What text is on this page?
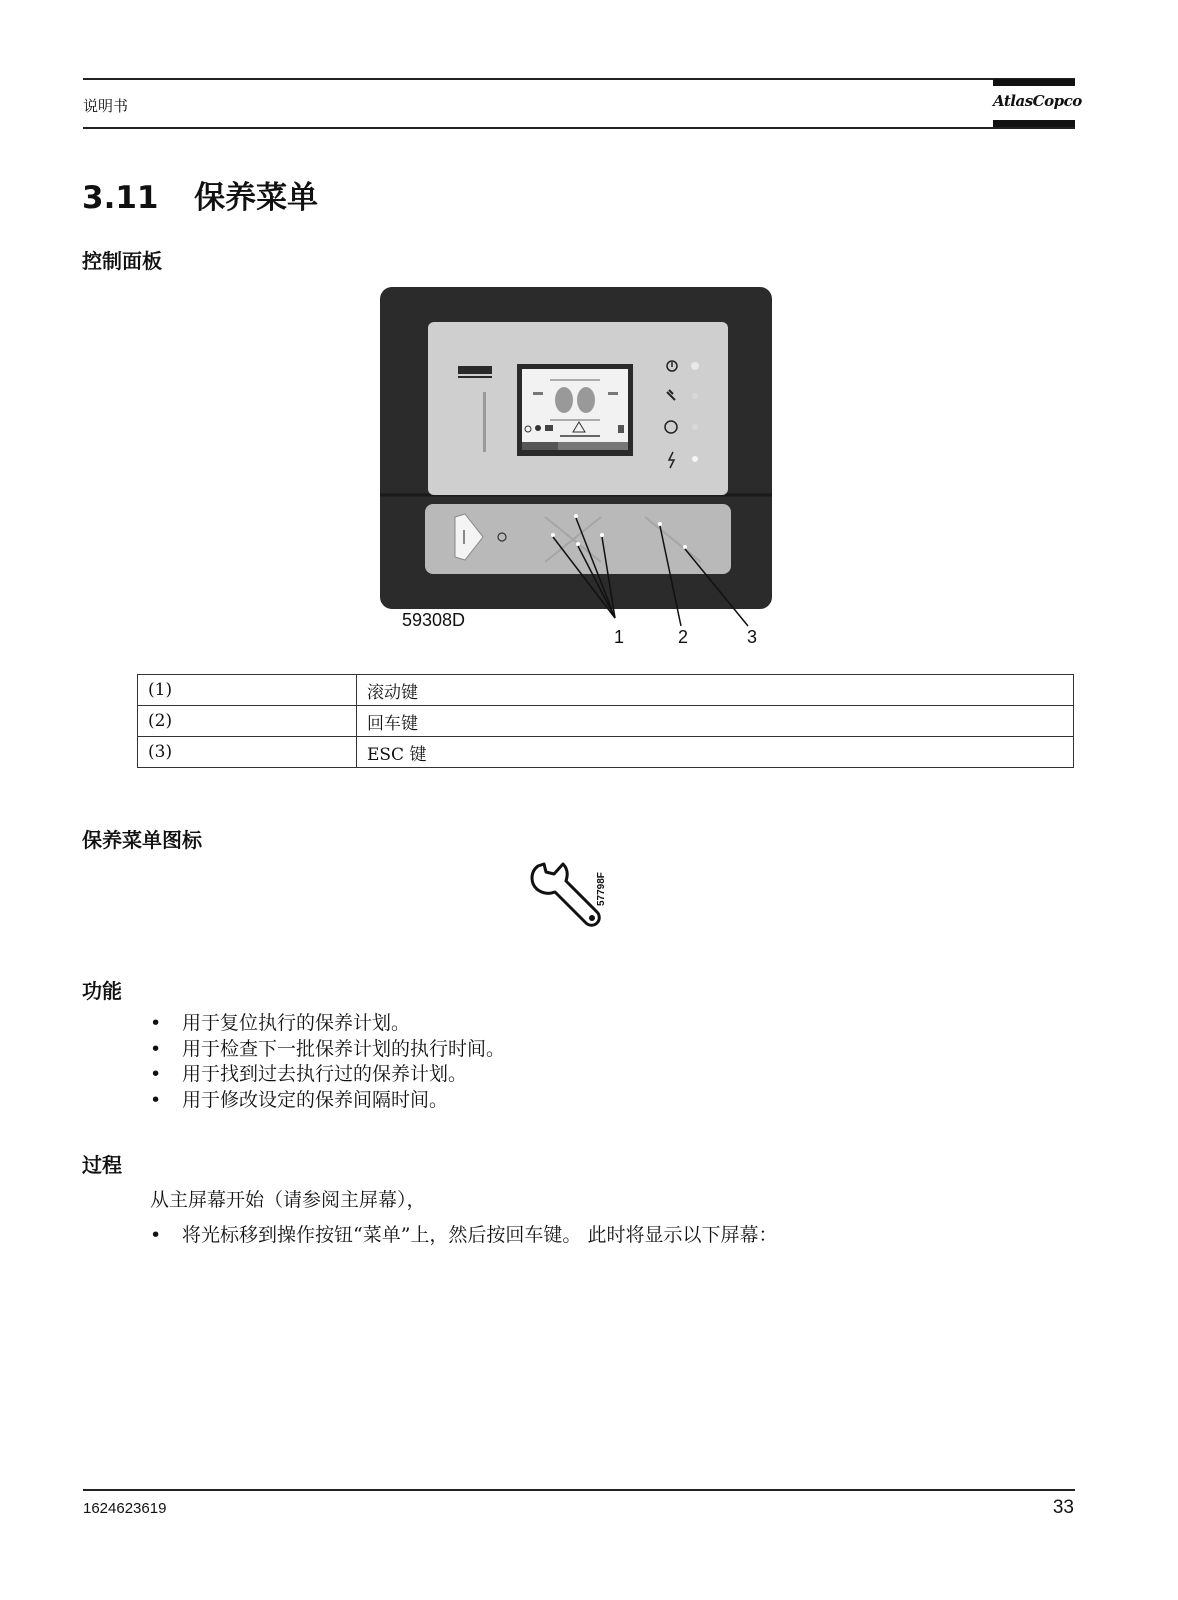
说明书	AtlasCopco
3.11 保养菜单
控制面板
59308D
1	2	3
(1)	滚动键
(2)	回车键
(3)	ESC 键
保养菜单图标
57798F
功能
• 用于复位执行的保养计划。
• 用于检查下一批保养计划的执行时间。
• 用于找到过去执行过的保养计划。
• 用于修改设定的保养间隔时间。
过程
从主屏幕开始（请参阅主屏幕），
• 将光标移到操作按钮“菜单”上，然后按回车键。 此时将显示以下屏幕：
1624623619	33
